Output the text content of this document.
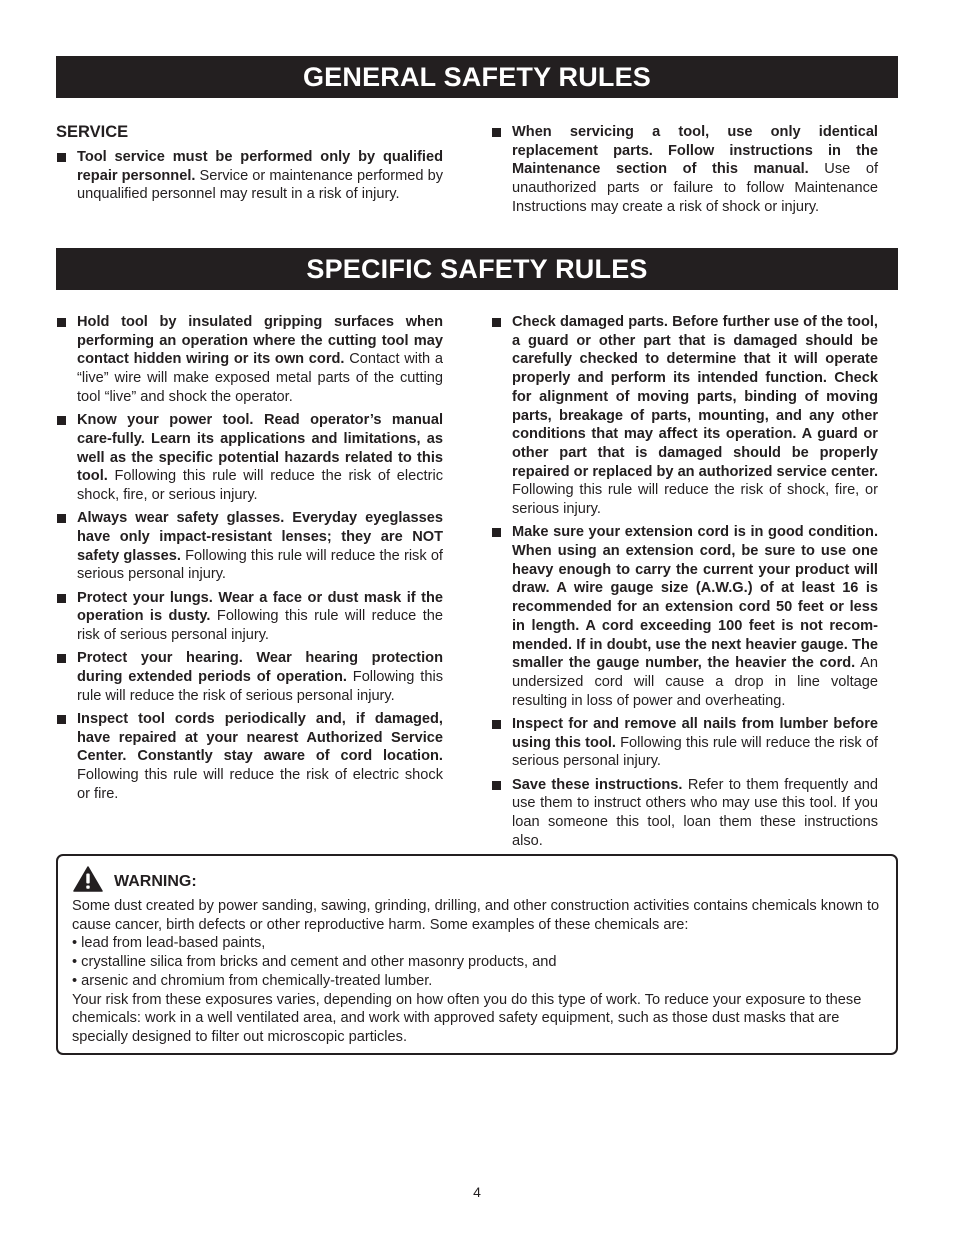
GENERAL SAFETY RULES
SERVICE
Tool service must be performed only by qualified repair personnel. Service or maintenance performed by unqualified personnel may result in a risk of injury.
When servicing a tool, use only identical replacement parts. Follow instructions in the Maintenance section of this manual. Use of unauthorized parts or failure to follow Maintenance Instructions may create a risk of shock or injury.
SPECIFIC SAFETY RULES
Hold tool by insulated gripping surfaces when performing an operation where the cutting tool may contact hidden wiring or its own cord. Contact with a “live” wire will make exposed metal parts of the cutting tool “live” and shock the operator.
Know your power tool. Read operator’s manual care-fully. Learn its applications and limitations, as well as the specific potential hazards related to this tool. Following this rule will reduce the risk of electric shock, fire, or serious injury.
Always wear safety glasses. Everyday eyeglasses have only impact-resistant lenses; they are NOT safety glasses. Following this rule will reduce the risk of serious personal injury.
Protect your lungs. Wear a face or dust mask if the operation is dusty. Following this rule will reduce the risk of serious personal injury.
Protect your hearing. Wear hearing protection during extended periods of operation. Following this rule will reduce the risk of serious personal injury.
Inspect tool cords periodically and, if damaged, have repaired at your nearest Authorized Service Center. Constantly stay aware of cord location. Following this rule will reduce the risk of electric shock or fire.
Check damaged parts. Before further use of the tool, a guard or other part that is damaged should be carefully checked to determine that it will operate properly and perform its intended function. Check for alignment of moving parts, binding of moving parts, breakage of parts, mounting, and any other conditions that may affect its operation. A guard or other part that is damaged should be properly repaired or replaced by an authorized service center. Following this rule will reduce the risk of shock, fire, or serious injury.
Make sure your extension cord is in good condition. When using an extension cord, be sure to use one heavy enough to carry the current your product will draw. A wire gauge size (A.W.G.) of at least 16 is recommended for an extension cord 50 feet or less in length. A cord exceeding 100 feet is not recom-mended. If in doubt, use the next heavier gauge. The smaller the gauge number, the heavier the cord. An undersized cord will cause a drop in line voltage resulting in loss of power and overheating.
Inspect for and remove all nails from lumber before using this tool. Following this rule will reduce the risk of serious personal injury.
Save these instructions. Refer to them frequently and use them to instruct others who may use this tool. If you loan someone this tool, loan them these instructions also.
WARNING:

Some dust created by power sanding, sawing, grinding, drilling, and other construction activities contains chemicals known to cause cancer, birth defects or other reproductive harm. Some examples of these chemicals are:

• lead from lead-based paints,

• crystalline silica from bricks and cement and other masonry products, and

• arsenic and chromium from chemically-treated lumber.

Your risk from these exposures varies, depending on how often you do this type of work. To reduce your exposure to these chemicals: work in a well ventilated area, and work with approved safety equipment, such as those dust masks that are specially designed to filter out microscopic particles.

4
